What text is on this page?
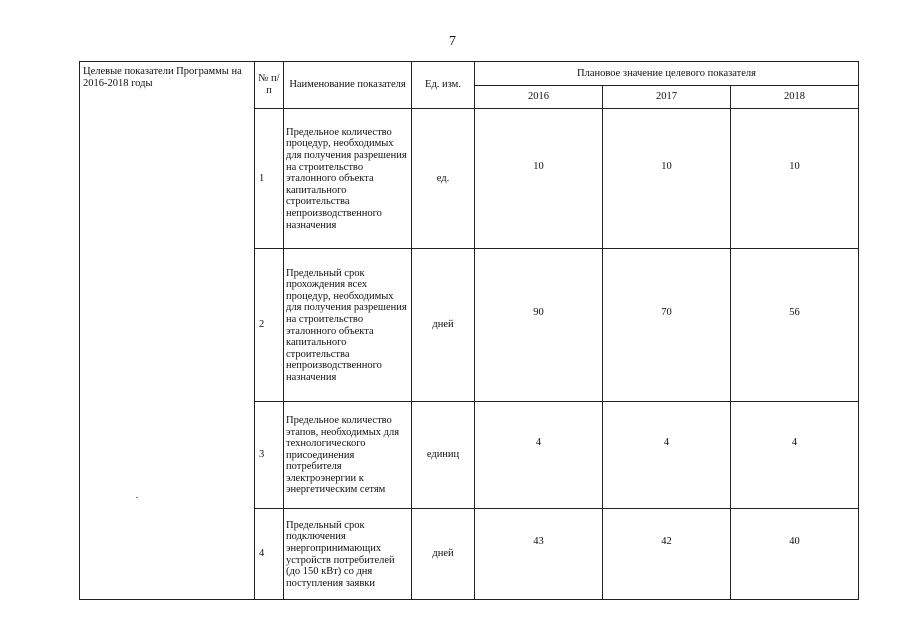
7
Целевые показатели Программы на 2016-2018 годы	№ п/п	Наименование показателя	Ед. изм.	Плановое значение целевого показателя		
				2016	2017	2018
	1	Предельное количество процедур, необходимых для получения разрешения на строительство эталонного объекта капитального строительства непроизводственного назначения	ед.	10	10	10
	2	Предельный срок прохождения всех процедур, необходимых для получения разрешения на строительство эталонного объекта капитального строительства непроизводственного назначения	дней	90	70	56
	3	Предельное количество этапов, необходимых для технологического присоединения потребителя электроэнергии к энергетическим сетям	единиц	4	4	4
	4	Предельный срок подключения энергопринимающих устройств потребителей (до 150 кВт) со дня поступления заявки	дней	43	42	40
